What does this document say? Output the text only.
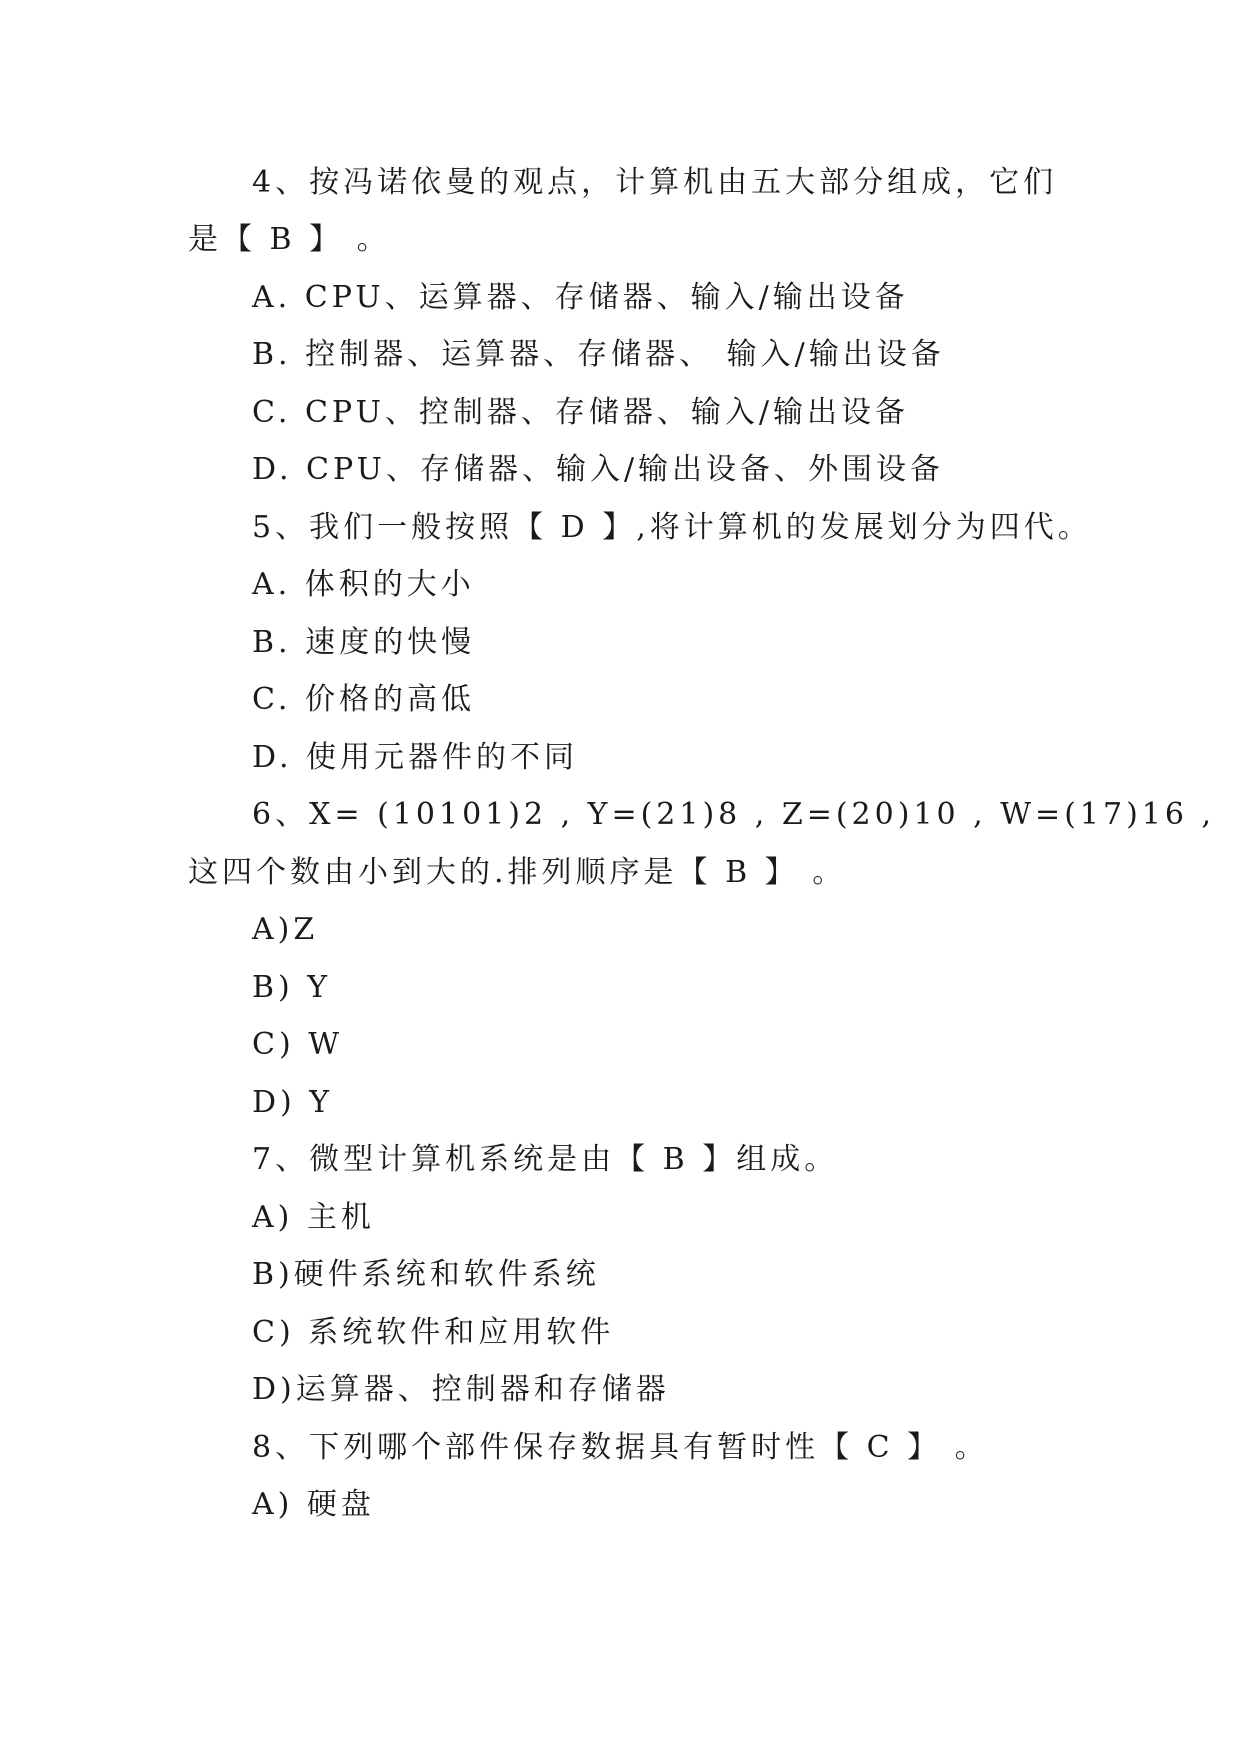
4、按冯诺依曼的观点，计算机由五大部分组成，它们
是【 B 】 。
A. CPU、运算器、存储器、输入/输出设备
B. 控制器、运算器、存储器、 输入/输出设备
C. CPU、控制器、存储器、输入/输出设备
D. CPU、存储器、输入/输出设备、外围设备
5、我们一般按照【 D 】,将计算机的发展划分为四代。
A. 体积的大小
B. 速度的快慢
C. 价格的高低
D. 使用元器件的不同
6、X= (10101)2 , Y=(21)8 , Z=(20)10 , W=(17)16 ,
这四个数由小到大的.排列顺序是【 B 】 。
A)Z
B) Y
C) W
D) Y
7、微型计算机系统是由【 B 】组成。
A) 主机
B)硬件系统和软件系统
C) 系统软件和应用软件
D)运算器、控制器和存储器
8、下列哪个部件保存数据具有暂时性【 C 】 。
A) 硬盘
